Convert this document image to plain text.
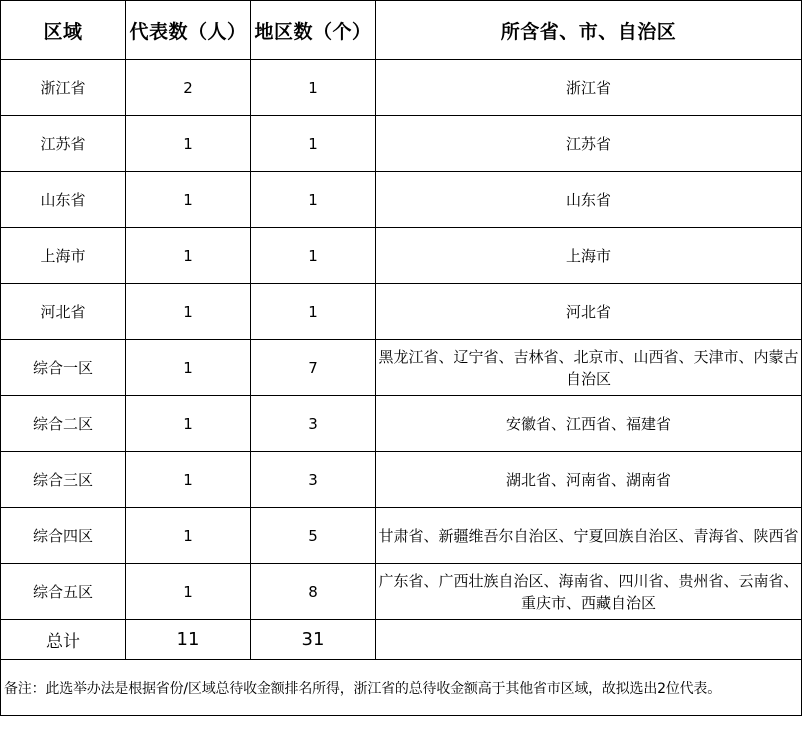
区域	代表数（人）	地区数（个）	所含省、市、自治区
浙江省	2	1	浙江省
江苏省	1	1	江苏省
山东省	1	1	山东省
上海市	1	1	上海市
河北省	1	1	河北省
综合一区	1	7	黑龙江省、辽宁省、吉林省、北京市、山西省、天津市、内蒙古自治区
综合二区	1	3	安徽省、江西省、福建省
综合三区	1	3	湖北省、河南省、湖南省
综合四区	1	5	甘肃省、新疆维吾尔自治区、宁夏回族自治区、青海省、陕西省
综合五区	1	8	广东省、广西壮族自治区、海南省、四川省、贵州省、云南省、重庆市、西藏自治区
总计	11	31	
备注：此选举办法是根据省份/区域总待收金额排名所得，浙江省的总待收金额高于其他省市区域，故拟选出2位代表。			
